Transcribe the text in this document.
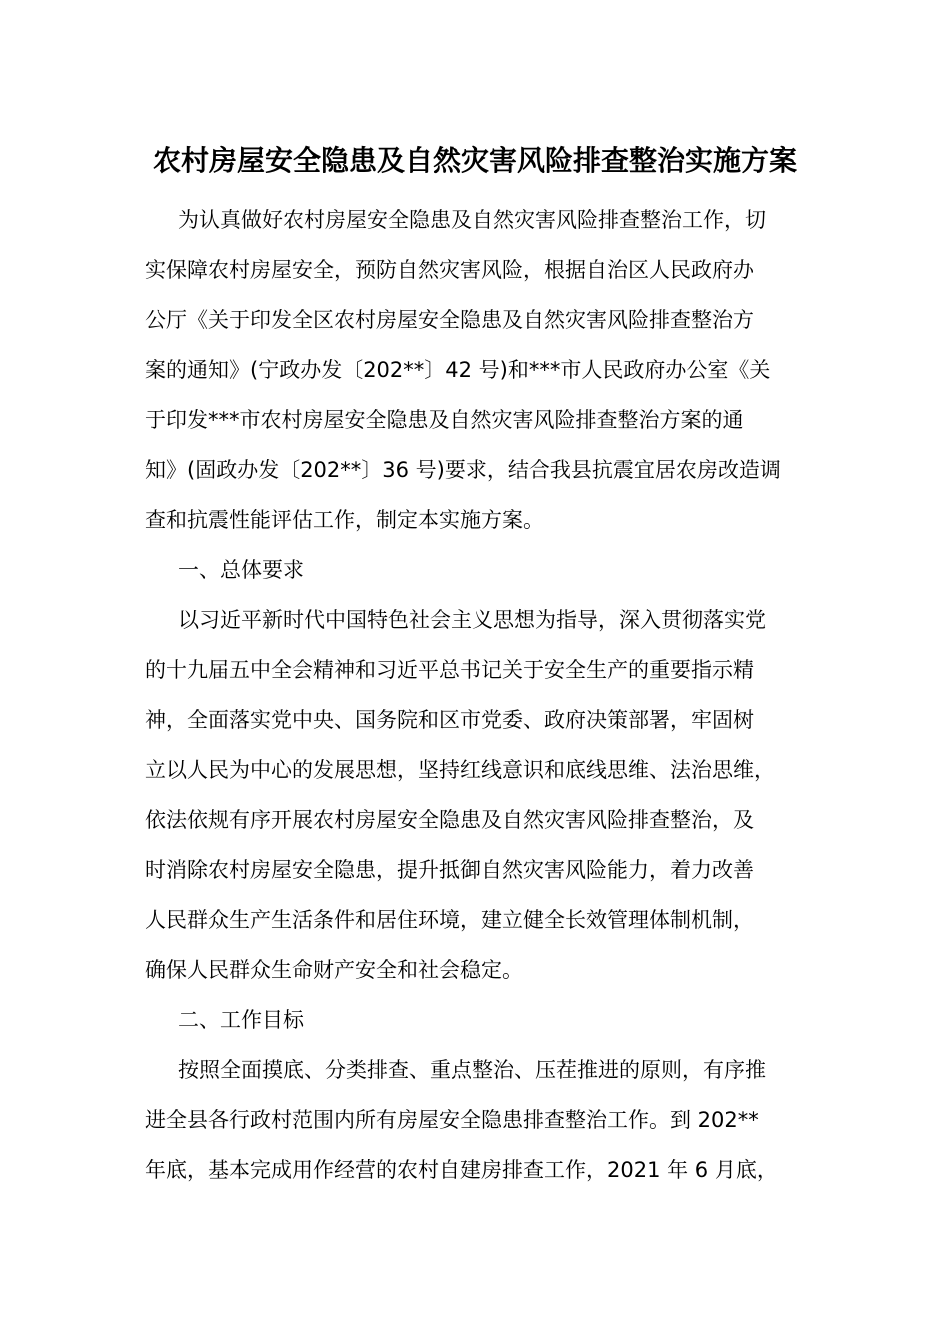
农村房屋安全隐患及自然灾害风险排查整治实施方案
为认真做好农村房屋安全隐患及自然灾害风险排查整治工作，切
实保障农村房屋安全，预防自然灾害风险，根据自治区人民政府办
公厅《关于印发全区农村房屋安全隐患及自然灾害风险排查整治方
案的通知》(宁政办发〔202**〕42 号)和***市人民政府办公室《关
于印发***市农村房屋安全隐患及自然灾害风险排查整治方案的通
知》(固政办发〔202**〕36 号)要求，结合我县抗震宜居农房改造调
查和抗震性能评估工作，制定本实施方案。
一、总体要求
以习近平新时代中国特色社会主义思想为指导，深入贯彻落实党
的十九届五中全会精神和习近平总书记关于安全生产的重要指示精
神，全面落实党中央、国务院和区市党委、政府决策部署，牢固树
立以人民为中心的发展思想，坚持红线意识和底线思维、法治思维，
依法依规有序开展农村房屋安全隐患及自然灾害风险排查整治，及
时消除农村房屋安全隐患，提升抵御自然灾害风险能力，着力改善
人民群众生产生活条件和居住环境，建立健全长效管理体制机制，
确保人民群众生命财产安全和社会稳定。
二、工作目标
按照全面摸底、分类排查、重点整治、压茬推进的原则，有序推
进全县各行政村范围内所有房屋安全隐患排查整治工作。到 202**
年底，基本完成用作经营的农村自建房排查工作，2021 年 6 月底，
